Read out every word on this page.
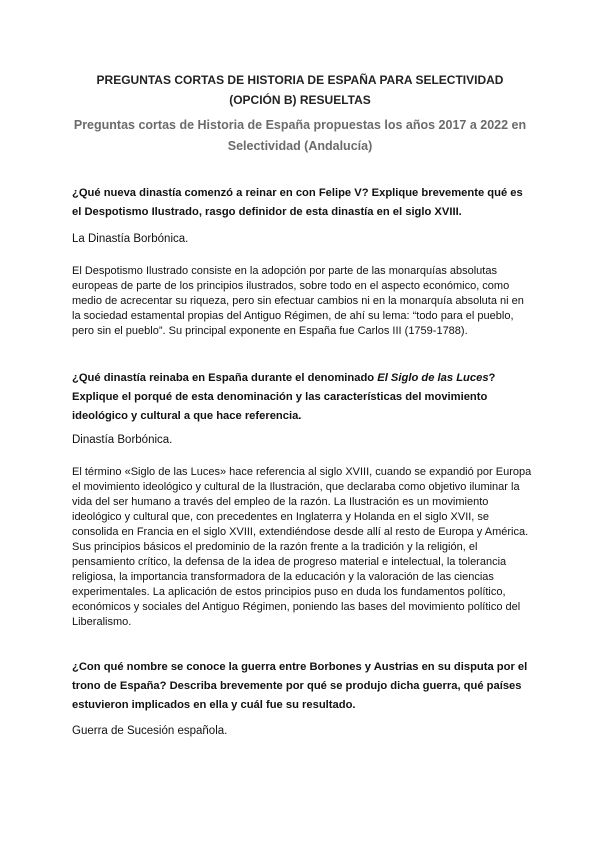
PREGUNTAS CORTAS DE HISTORIA DE ESPAÑA PARA SELECTIVIDAD
(OPCIÓN B) RESUELTAS
Preguntas cortas de Historia de España propuestas los años 2017 a 2022 en
Selectividad (Andalucía)
¿Qué nueva dinastía comenzó a reinar en con Felipe V? Explique brevemente qué es el Despotismo Ilustrado, rasgo definidor de esta dinastía en el siglo XVIII.
La Dinastía Borbónica.
El Despotismo Ilustrado consiste en la adopción por parte de las monarquías absolutas europeas de parte de los principios ilustrados, sobre todo en el aspecto económico, como medio de acrecentar su riqueza, pero sin efectuar cambios ni en la monarquía absoluta ni en la sociedad estamental propias del Antiguo Régimen, de ahí su lema: “todo para el pueblo, pero sin el pueblo”. Su principal exponente en España fue Carlos III (1759-1788).
¿Qué dinastía reinaba en España durante el denominado El Siglo de las Luces? Explique el porqué de esta denominación y las características del movimiento ideológico y cultural a que hace referencia.
Dinastía Borbónica.
El término «Siglo de las Luces» hace referencia al siglo XVIII, cuando se expandió por Europa el movimiento ideológico y cultural de la Ilustración, que declaraba como objetivo iluminar la vida del ser humano a través del empleo de la razón. La Ilustración es un movimiento ideológico y cultural que, con precedentes en Inglaterra y Holanda en el siglo XVII, se consolida en Francia en el siglo XVIII, extendiéndose desde allí al resto de Europa y América. Sus principios básicos el predominio de la razón frente a la tradición y la religión, el pensamiento crítico, la defensa de la idea de progreso material e intelectual, la tolerancia religiosa, la importancia transformadora de la educación y la valoración de las ciencias experimentales. La aplicación de estos principios puso en duda los fundamentos político, económicos y sociales del Antiguo Régimen, poniendo las bases del movimiento político del Liberalismo.
¿Con qué nombre se conoce la guerra entre Borbones y Austrias en su disputa por el trono de España? Describa brevemente por qué se produjo dicha guerra, qué países estuvieron implicados en ella y cuál fue su resultado.
Guerra de Sucesión española.
